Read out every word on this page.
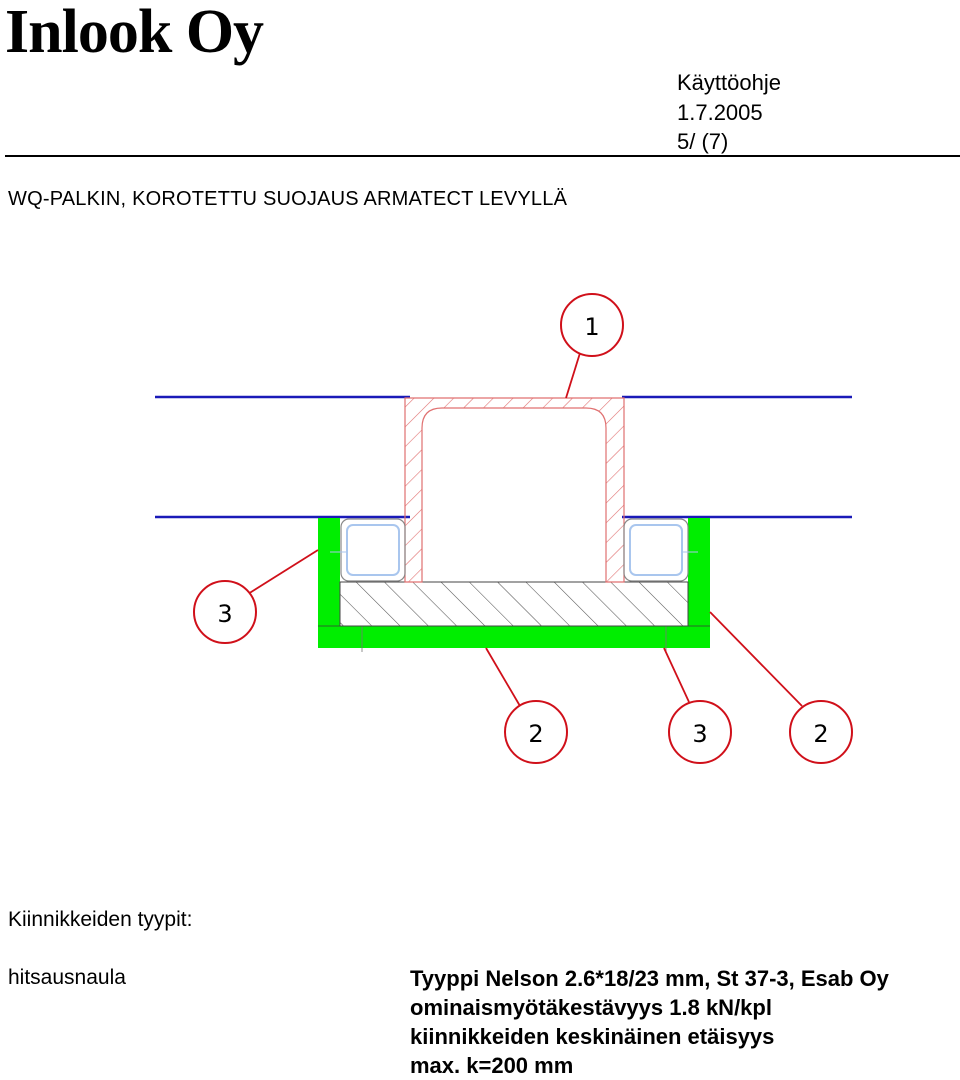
Inlook Oy
Käyttöohje
1.7.2005
5/ (7)
WQ-PALKIN, KOROTETTU SUOJAUS ARMATECT LEVYLLÄ
1
3
2	3	2
Kiinnikkeiden tyypit:
hitsausnaula	Tyyppi Nelson 2.6*18/23 mm, St 37-3, Esab Oy
ominaismyötäkestävyys 1.8 kN/kpl
kiinnikkeiden keskinäinen etäisyys
max. k=200 mm
